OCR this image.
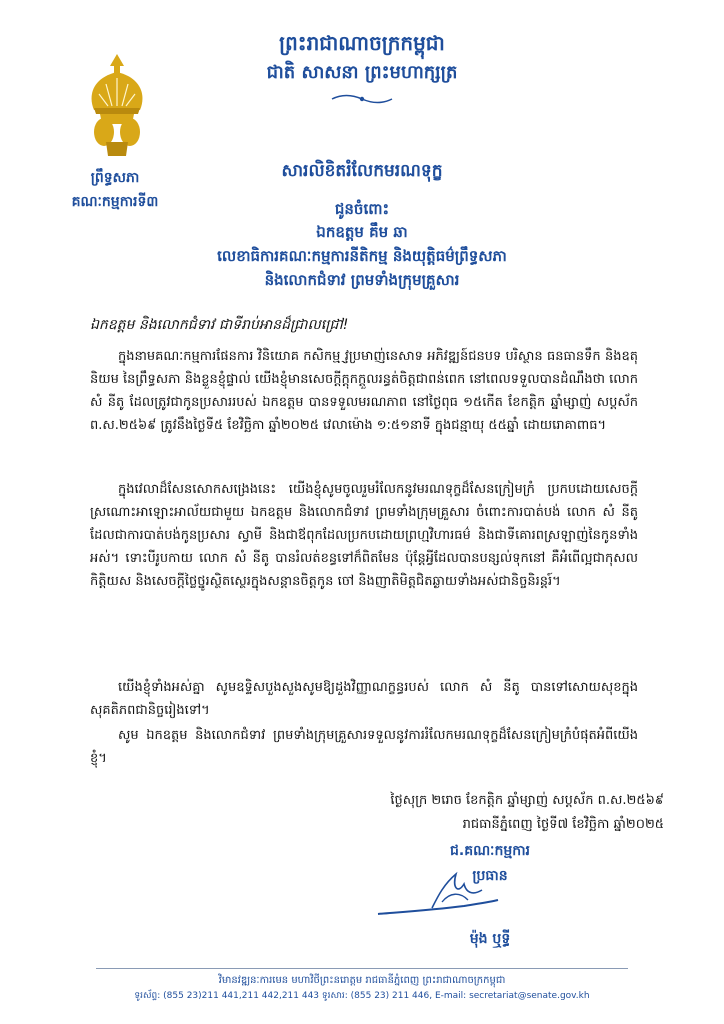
ព្រះរាជាណាចក្រកម្ពុជា
ជាតិ សាសនា ព្រះមហាក្សត្រ
ព្រឹទ្ធសភា
គណៈកម្មការទី៣
សារលិខិតរំលែកមរណទុក្ខ
ជូនចំពោះ
ឯកឧត្តម គឹម ឆា
លេខាធិការគណៈកម្មការនីតិកម្ម និងយុត្តិធម៌ព្រឹទ្ធសភា
និងលោកជំទាវ ព្រមទាំងក្រុមគ្រួសារ
ឯកឧត្តម និងលោកជំទាវ ជាទីរាប់អានដ៏ជ្រាលជ្រៅ!
ក្នុងនាមគណៈកម្មការផែនការ វិនិយោគ កសិកម្ម វ្ញ្ញប្រមាញ់នេសាទ អភិវឌ្ឍន៍ជនបទ បរិស្ថាន ធនធានទឹក និងឧតុនិយម នៃព្រឹទ្ធសភា និងខ្លួនខ្ញុំផ្ទាល់ យើងខ្ញុំមានសេចក្តីក្តុកក្តួលរន្ធត់ចិត្តជាពន់ពេក នៅពេលទទួលបានដំណឹងថា លោក សំ នីតូ ដែលត្រូវជាកូនប្រសាររបស់ ឯកឧត្តម បានទទួលមរណភាព នៅថ្ងៃពុធ ១៥កើត ខែកត្តិក ឆ្នាំម្សាញ់ សប្តស័ក ព.ស.២៥៦៩ ត្រូវនឹងថ្ងៃទី៥ ខែវិច្ឆិកា ឆ្នាំ២០២៥ វេលាម៉ោង ១:៥១នាទី ក្នុងជន្មាយុ ៥៥ឆ្នាំ ដោយរោគាពាធ។
ក្នុងវេលាដ៏សែនសោកសង្រេងនេះ យើងខ្ញុំសូមចូលរួមរំលែកនូវមរណទុក្ខដ៏សែនក្រៀមក្រំ ប្រកបដោយសេចក្តីស្រណោះអាឡោះអាល័យជាមួយ ឯកឧត្តម និងលោកជំទាវ ព្រមទាំងក្រុមគ្រួសារ ចំពោះការបាត់បង់ លោក សំ នីតូ ដែលជាការបាត់បង់កូនប្រសារ ស្វាមី និងជាឪពុកដែលប្រកបដោយព្រហ្មវិហារធម៌ និងជាទីគោរពស្រឡាញ់នៃកូនទាំងអស់។ ទោះបីរូបកាយ លោក សំ នីតូ បានរំលត់ខន្ធទៅក៏ពិតមែន ប៉ុន្តែអ្វីដែលបានបន្សល់ទុកនៅ គឺអំពើល្អជាកុសល កិត្តិយស និងសេចក្តីថ្លៃថ្នូរស្ថិតស្ថេរក្នុងសន្តានចិត្តកូន ចៅ និងញាតិមិត្តជិតឆ្ងាយទាំងអស់ជានិច្ចនិរន្តរ៍។
យើងខ្ញុំទាំងអស់គ្នា សូមឧទ្ទិសបួងសួងសូមឱ្យដួងវិញ្ញាណក្ខន្ធរបស់ លោក សំ នីតូ បានទៅសោយសុខក្នុងសុគតិភពជានិច្ចរៀងទៅ។
សូម ឯកឧត្តម និងលោកជំទាវ ព្រមទាំងក្រុមគ្រួសារទទួលនូវការរំលែកមរណទុក្ខដ៏សែនក្រៀមក្រំបំផុតអំពីយើងខ្ញុំ។
ថ្ងៃសុក្រ ២រោច ខែកត្តិក ឆ្នាំម្សាញ់ សប្តស័ក ព.ស.២៥៦៩
រាជធានីភ្នំពេញ ថ្ងៃទី៧ ខែវិច្ឆិកា ឆ្នាំ២០២៥
ជ.គណៈកម្មការ
ប្រធាន
ម៉ុង ឬទ្ធី
វិមានវឌ្ឍនៈការមេន មហាវិថីព្រះនរោត្តម រាជធានីភ្នំពេញ ព្រះរាជាណាចក្រកម្ពុជា
ទូរស័ព្ទ: (855 23)211 441,211 442,211 443 ទូរសារ: (855 23) 211 446, E-mail: secretariat@senate.gov.kh
